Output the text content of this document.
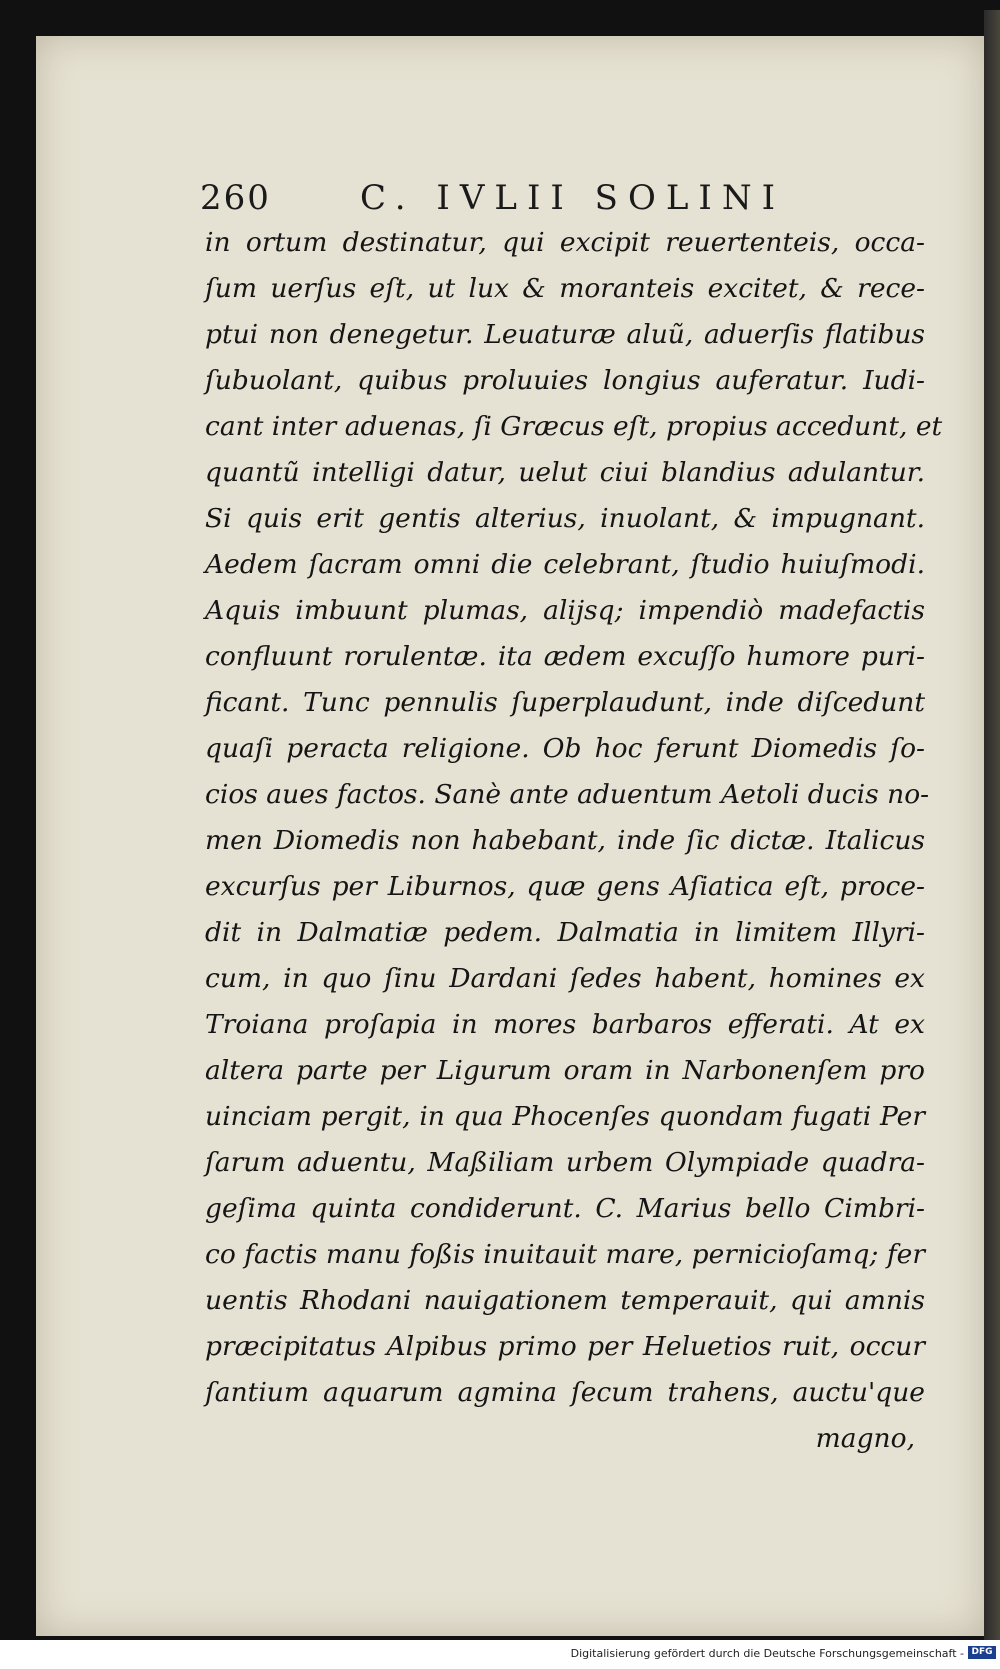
260	C. IVLII SOLINI
in ortum destinatur, qui excipit reuertenteis, occa-
ſum uerſus eſt, ut lux & moranteis excitet, & rece-
ptui non denegetur. Leuaturæ aluũ, aduerſis flatibus
ſubuolant, quibus proluuies longius auferatur. Iudi-
cant inter aduenas, ſi Græcus eſt, propius accedunt, et
quantũ intelligi datur, uelut ciui blandius adulantur.
Si quis erit gentis alterius, inuolant, & impugnant.
Aedem ſacram omni die celebrant, ſtudio huiuſmodi.
Aquis imbuunt plumas, alijsq; impendiò madefactis
confluunt rorulentæ. ita ædem excuſſo humore puri-
ficant. Tunc pennulis ſuperplaudunt, inde diſcedunt
quaſi peracta religione. Ob hoc ferunt Diomedis ſo-
cios aues factos. Sanè ante aduentum Aetoli ducis no-
men Diomedis non habebant, inde ſic dictæ. Italicus
excurſus per Liburnos, quæ gens Aſiatica eſt, proce-
dit in Dalmatiæ pedem. Dalmatia in limitem Illyri-
cum, in quo ſinu Dardani ſedes habent, homines ex
Troiana proſapia in mores barbaros efferati. At ex
altera parte per Ligurum oram in Narbonenſem pro
uinciam pergit, in qua Phocenſes quondam fugati Per
ſarum aduentu, Maßiliam urbem Olympiade quadra-
geſima quinta condiderunt. C. Marius bello Cimbri-
co factis manu foßis inuitauit mare, pernicioſamq; fer
uentis Rhodani nauigationem temperauit, qui amnis
præcipitatus Alpibus primo per Heluetios ruit, occur
ſantium aquarum agmina ſecum trahens, auctu'que
magno,
Digitalisierung gefördert durch die Deutsche Forschungsgemeinschaft - DFG
